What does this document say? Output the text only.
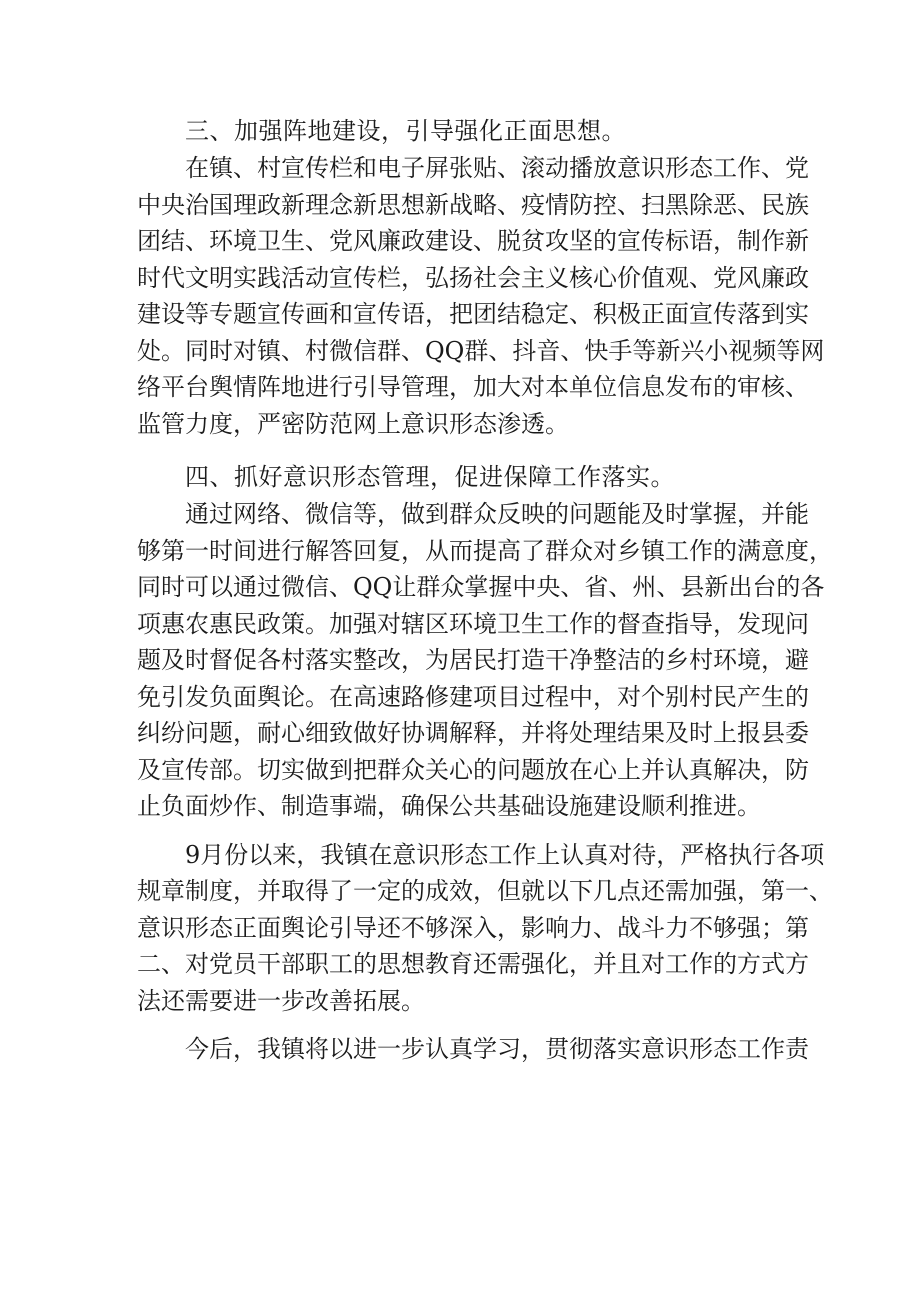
三、加强阵地建设，引导强化正面思想。
在镇、村宣传栏和电子屏张贴、滚动播放意识形态工作、党
中央治国理政新理念新思想新战略、疫情防控、扫黑除恶、民族
团结、环境卫生、党风廉政建设、脱贫攻坚的宣传标语，制作新
时代文明实践活动宣传栏，弘扬社会主义核心价值观、党风廉政
建设等专题宣传画和宣传语，把团结稳定、积极正面宣传落到实
处。同时对镇、村微信群、QQ群、抖音、快手等新兴小视频等网
络平台舆情阵地进行引导管理，加大对本单位信息发布的审核、
监管力度，严密防范网上意识形态渗透。
四、抓好意识形态管理，促进保障工作落实。
通过网络、微信等，做到群众反映的问题能及时掌握，并能
够第一时间进行解答回复，从而提高了群众对乡镇工作的满意度，
同时可以通过微信、QQ让群众掌握中央、省、州、县新出台的各
项惠农惠民政策。加强对辖区环境卫生工作的督查指导，发现问
题及时督促各村落实整改，为居民打造干净整洁的乡村环境，避
免引发负面舆论。在高速路修建项目过程中，对个别村民产生的
纠纷问题，耐心细致做好协调解释，并将处理结果及时上报县委
及宣传部。切实做到把群众关心的问题放在心上并认真解决，防
止负面炒作、制造事端，确保公共基础设施建设顺利推进。
9月份以来，我镇在意识形态工作上认真对待，严格执行各项
规章制度，并取得了一定的成效，但就以下几点还需加强，第一、
意识形态正面舆论引导还不够深入，影响力、战斗力不够强；第
二、对党员干部职工的思想教育还需强化，并且对工作的方式方
法还需要进一步改善拓展。
今后，我镇将以进一步认真学习，贯彻落实意识形态工作责
